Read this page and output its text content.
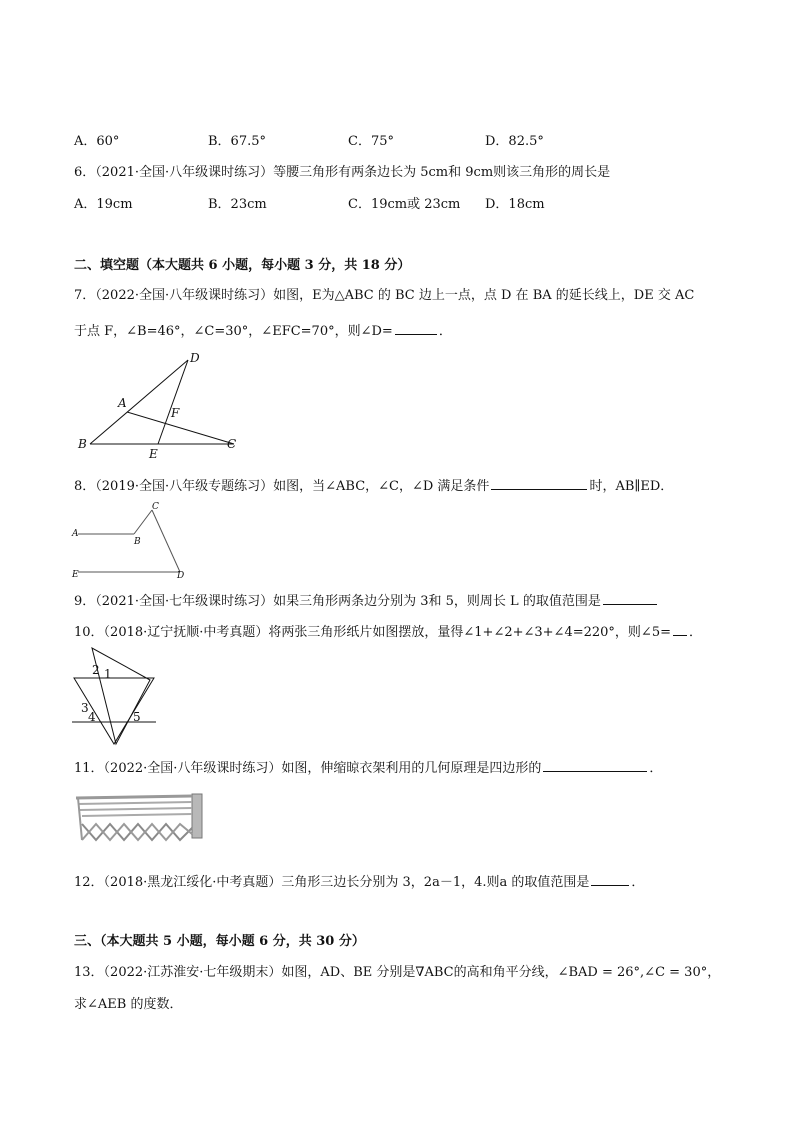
A．60°	B．67.5°	C．75°	D．82.5°
6．（2021·全国·八年级课时练习）等腰三角形有两条边长为 5cm和 9cm则该三角形的周长是
A．19cm	B．23cm	C．19cm或 23cm D．18cm
二、填空题（本大题共 6 小题，每小题 3 分，共 18 分）
7．（2022·全国·八年级课时练习）如图，E为△ABC 的 BC 边上一点，点 D 在 BA 的延长线上，DE 交 AC
于点 F，∠B=46°，∠C=30°，∠EFC=70°，则∠D=	．
D
A
F
B
E
C
8．（2019·全国·八年级专题练习）如图，当∠ABC，∠C，∠D 满足条件	时，AB∥ED．
A
B
C
E	D
9．（2021·全国·七年级课时练习）如果三角形两条边分别为 3和 5，则周长 L 的取值范围是
10．（2018·辽宁抚顺·中考真题）将两张三角形纸片如图摆放，量得∠1+∠2+∠3+∠4=220°，则∠5= ．
2 1
3
4	5
11．（2022·全国·八年级课时练习）如图，伸缩晾衣架利用的几何原理是四边形的	．
12．（2018·黑龙江绥化·中考真题）三角形三边长分别为 3，2a－1，4.则a 的取值范围是	．
三、（本大题共 5 小题，每小题 6 分，共 30 分）
13．（2022·江苏淮安·七年级期末）如图，AD、BE 分别是∇ABC的高和角平分线，∠BAD = 26°,∠C = 30°，
求∠AEB 的度数．
